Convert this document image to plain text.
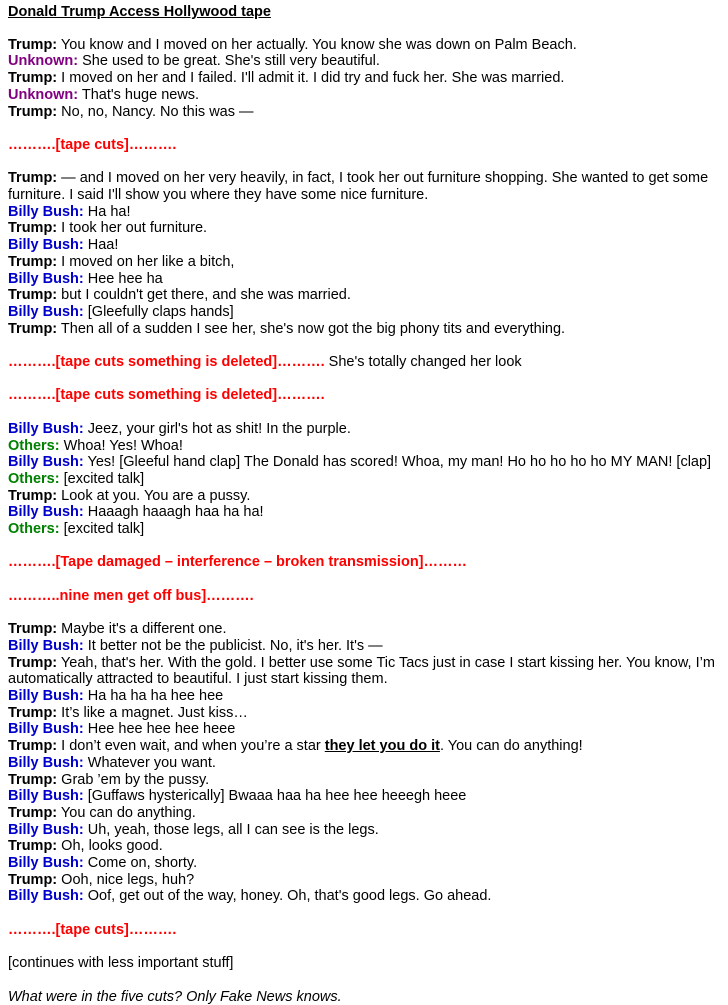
Donald Trump Access Hollywood tape
Trump: You know and I moved on her actually. You know she was down on Palm Beach.
Unknown: She used to be great. She's still very beautiful.
Trump: I moved on her and I failed. I'll admit it. I did try and fuck her. She was married.
Unknown: That's huge news.
Trump: No, no, Nancy. No this was —
……….[tape cuts]……….
Trump: — and I moved on her very heavily, in fact, I took her out furniture shopping. She wanted to get some furniture. I said I'll show you where they have some nice furniture.
Billy Bush: Ha ha!
Trump: I took her out furniture.
Billy Bush: Haa!
Trump: I moved on her like a bitch,
Billy Bush: Hee hee ha
Trump: but I couldn't get there, and she was married.
Billy Bush: [Gleefully claps hands]
Trump: Then all of a sudden I see her, she's now got the big phony tits and everything.
……….[tape cuts something is deleted]………. She's totally changed her look
……….[tape cuts something is deleted]……….
Billy Bush: Jeez, your girl's hot as shit! In the purple.
Others: Whoa! Yes! Whoa!
Billy Bush: Yes! [Gleeful hand clap] The Donald has scored! Whoa, my man! Ho ho ho ho ho MY MAN! [clap]
Others: [excited talk]
Trump: Look at you. You are a pussy.
Billy Bush: Haaagh haaagh haa ha ha!
Others: [excited talk]
……….[Tape damaged – interference – broken transmission]………
………..nine men get off bus]……….
Trump: Maybe it's a different one.
Billy Bush: It better not be the publicist. No, it's her. It's —
Trump: Yeah, that's her. With the gold. I better use some Tic Tacs just in case I start kissing her. You know, I’m automatically attracted to beautiful. I just start kissing them.
Billy Bush: Ha ha ha ha hee hee
Trump: It’s like a magnet. Just kiss…
Billy Bush: Hee hee hee hee heee
Trump: I don’t even wait, and when you’re a star they let you do it. You can do anything!
Billy Bush: Whatever you want.
Trump: Grab ’em by the pussy.
Billy Bush: [Guffaws hysterically] Bwaaa haa ha hee hee heeegh heee
Trump: You can do anything.
Billy Bush: Uh, yeah, those legs, all I can see is the legs.
Trump: Oh, looks good.
Billy Bush: Come on, shorty.
Trump: Ooh, nice legs, huh?
Billy Bush: Oof, get out of the way, honey. Oh, that's good legs. Go ahead.
……….[tape cuts]……….
[continues with less important stuff]
What were in the five cuts? Only Fake News knows.
